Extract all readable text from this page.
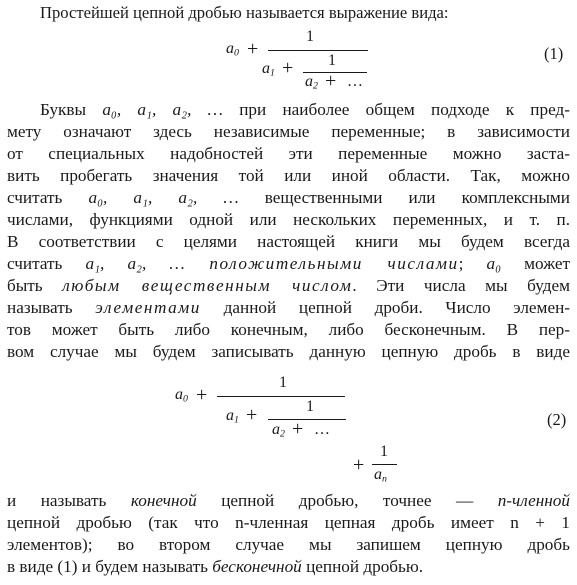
Простейшей цепной дробью называется выражение вида:
$a_0$ +
1
$a_1 + 1$
$a_2$ + …
(1)
Буквы a₀, a₁, a₂, … при наиболее общем подходе к пред-
мету означают здесь независимые переменные; в зависимости
от специальных надобностей эти переменные можно заста-
вить пробегать значения той или иной области. Так, можно
считать a₀, a₁, a₂, … вещественными или комплексными
числами, функциями одной или нескольких переменных, и т. п.
В соответствии с целями настоящей книги мы будем всегда
считать a₁, a₂, … положительными числами; a₀ может
быть любым вещественным числом. Эти числа мы будем
называть элементами данной цепной дроби. Число элемен-
тов может быть либо конечным, либо бесконечным. В пер-
вом случае мы будем записывать данную цепную дробь в виде
$a_0$ +
1
$a_1$ +	1
$a_2$ + …
+
1
$a_n$
(2)
и называть конечной цепной дробью, точнее — n-членной
цепной дробью (так что n-членная цепная дробь имеет n + 1
элементов); во втором случае мы запишем цепную дробь
в виде (1) и будем называть бесконечной цепной дробью.
